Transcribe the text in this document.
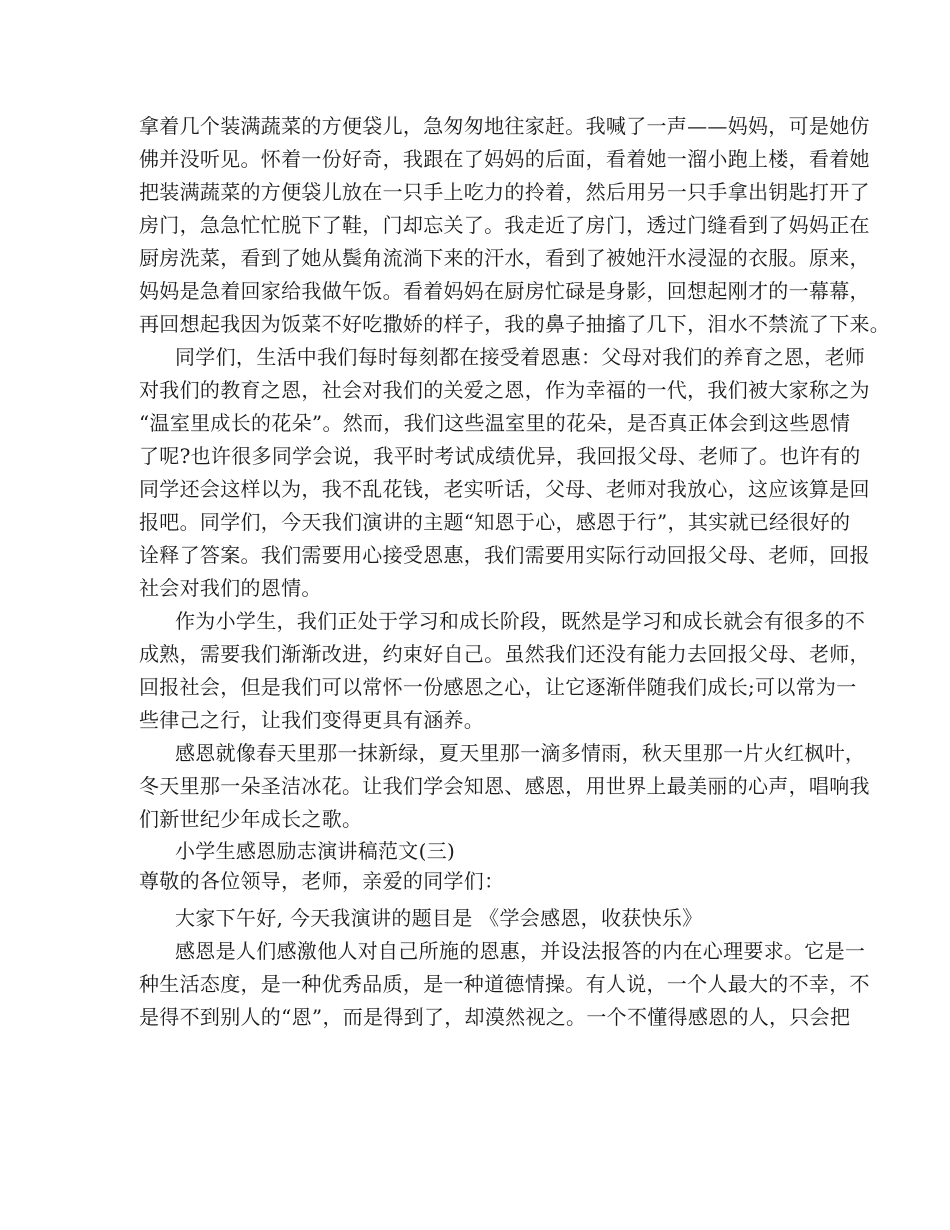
拿着几个装满蔬菜的方便袋儿，急匆匆地往家赶。我喊了一声——妈妈，可是她仿
佛并没听见。怀着一份好奇，我跟在了妈妈的后面，看着她一溜小跑上楼，看着她
把装满蔬菜的方便袋儿放在一只手上吃力的拎着，然后用另一只手拿出钥匙打开了
房门，急急忙忙脱下了鞋，门却忘关了。我走近了房门，透过门缝看到了妈妈正在
厨房洗菜，看到了她从鬓角流淌下来的汗水，看到了被她汗水浸湿的衣服。原来，
妈妈是急着回家给我做午饭。看着妈妈在厨房忙碌是身影，回想起刚才的一幕幕，
再回想起我因为饭菜不好吃撒娇的样子，我的鼻子抽搐了几下，泪水不禁流了下来。
同学们，生活中我们每时每刻都在接受着恩惠：父母对我们的养育之恩，老师
对我们的教育之恩，社会对我们的关爱之恩，作为幸福的一代，我们被大家称之为
“温室里成长的花朵”。然而，我们这些温室里的花朵，是否真正体会到这些恩情
了呢?也许很多同学会说，我平时考试成绩优异，我回报父母、老师了。也许有的
同学还会这样以为，我不乱花钱，老实听话，父母、老师对我放心，这应该算是回
报吧。同学们，今天我们演讲的主题“知恩于心，感恩于行”，其实就已经很好的
诠释了答案。我们需要用心接受恩惠，我们需要用实际行动回报父母、老师，回报
社会对我们的恩情。
作为小学生，我们正处于学习和成长阶段，既然是学习和成长就会有很多的不
成熟，需要我们渐渐改进，约束好自己。虽然我们还没有能力去回报父母、老师，
回报社会，但是我们可以常怀一份感恩之心，让它逐渐伴随我们成长;可以常为一
些律己之行，让我们变得更具有涵养。
感恩就像春天里那一抹新绿，夏天里那一滴多情雨，秋天里那一片火红枫叶，
冬天里那一朵圣洁冰花。让我们学会知恩、感恩，用世界上最美丽的心声，唱响我
们新世纪少年成长之歌。
小学生感恩励志演讲稿范文(三)
尊敬的各位领导，老师，亲爱的同学们：
大家下午好, 今天我演讲的题目是 《学会感恩，收获快乐》
感恩是人们感激他人对自己所施的恩惠，并设法报答的内在心理要求。它是一
种生活态度，是一种优秀品质，是一种道德情操。有人说，一个人最大的不幸，不
是得不到别人的“恩”，而是得到了，却漠然视之。一个不懂得感恩的人，只会把
